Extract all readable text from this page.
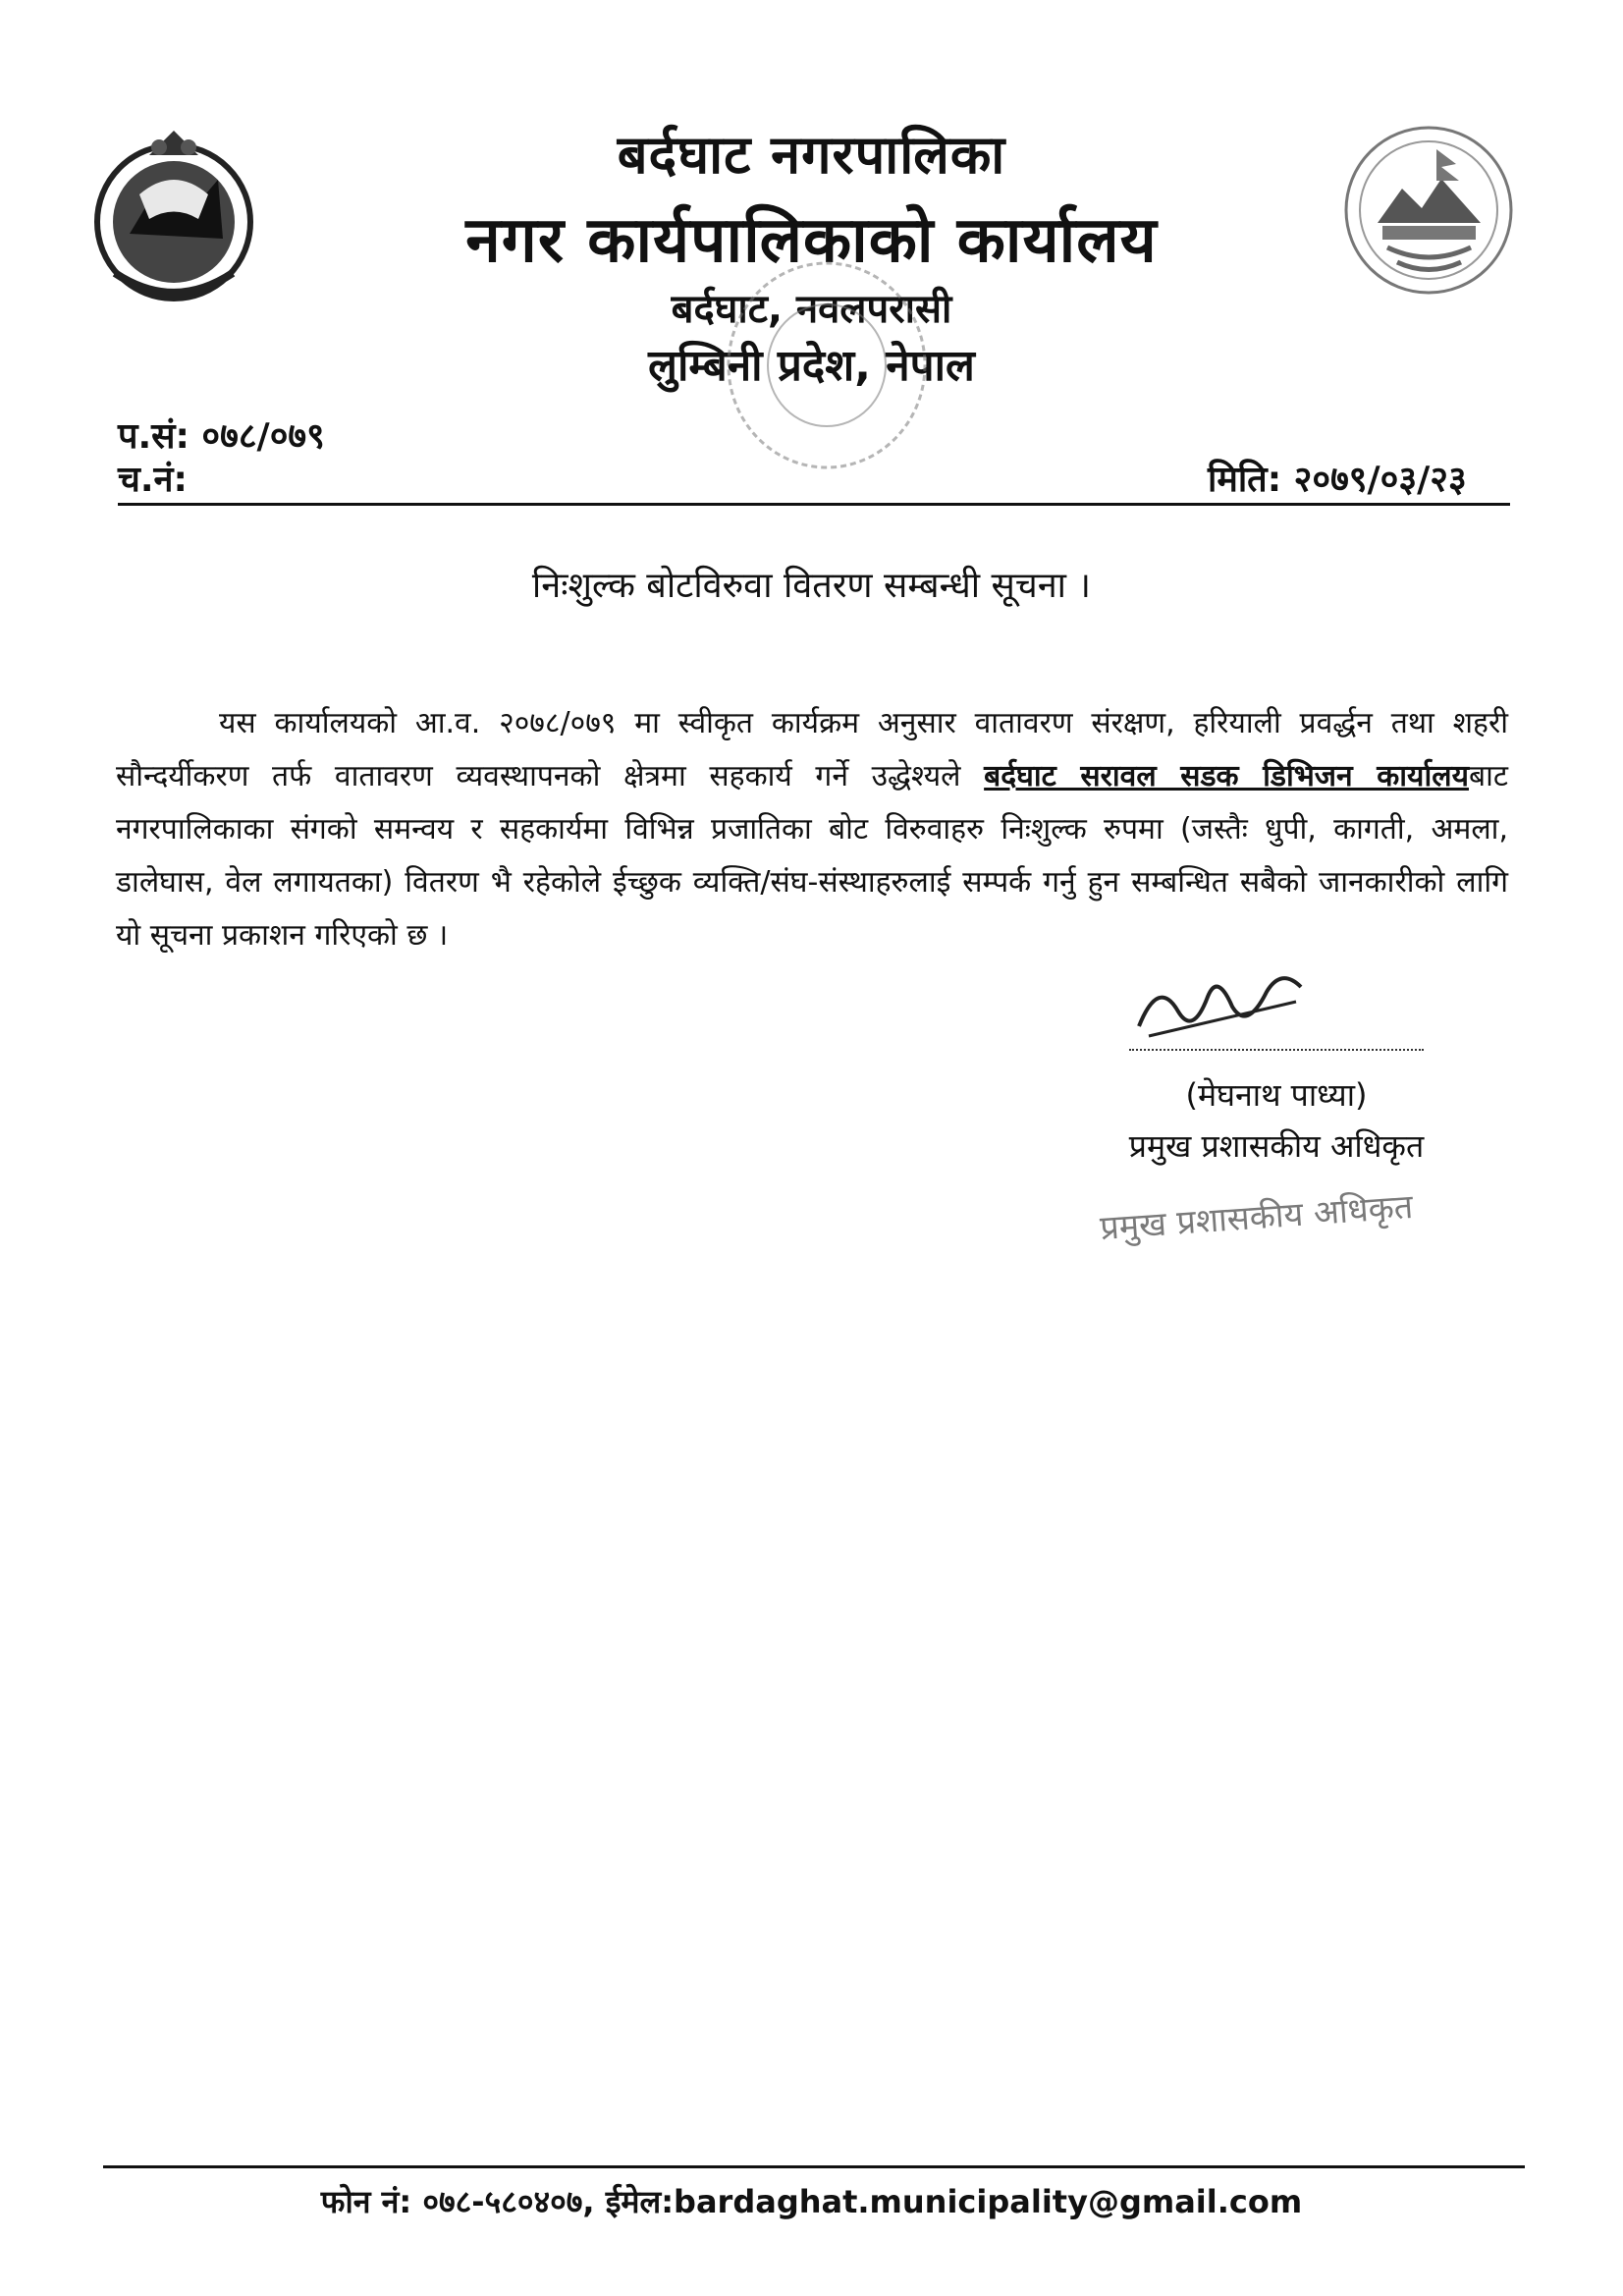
बर्दघाट नगरपालिका
नगर कार्यपालिकाको कार्यालय
बर्दघाट, नवलपरासी
लुम्बिनी प्रदेश, नेपाल
प.सं: ०७८/०७९
च.नं:	मिति: २०७९/०३/२३
निःशुल्क बोटविरुवा वितरण सम्बन्धी सूचना ।
यस कार्यालयको आ.व. २०७८/०७९ मा स्वीकृत कार्यक्रम अनुसार वातावरण संरक्षण, हरियाली प्रवर्द्धन तथा शहरी सौन्दर्यीकरण तर्फ वातावरण व्यवस्थापनको क्षेत्रमा सहकार्य गर्ने उद्धेश्यले बर्दघाट सरावल सडक डिभिजन कार्यालयबाट नगरपालिकाका संगको समन्वय र सहकार्यमा विभिन्न प्रजातिका बोट विरुवाहरु निःशुल्क रुपमा (जस्तैः धुपी, कागती, अमला, डालेघास, वेल लगायतका) वितरण भै रहेकोले ईच्छुक व्यक्ति/संघ-संस्थाहरुलाई सम्पर्क गर्नु हुन सम्बन्धित सबैको जानकारीको लागि यो सूचना प्रकाशन गरिएको छ ।
(मेघनाथ पाध्या)
प्रमुख प्रशासकीय अधिकृत
प्रमुख प्रशासकीय अधिकृत
फोन नं: ०७८-५८०४०७, ईमेल:bardaghat.municipality@gmail.com
